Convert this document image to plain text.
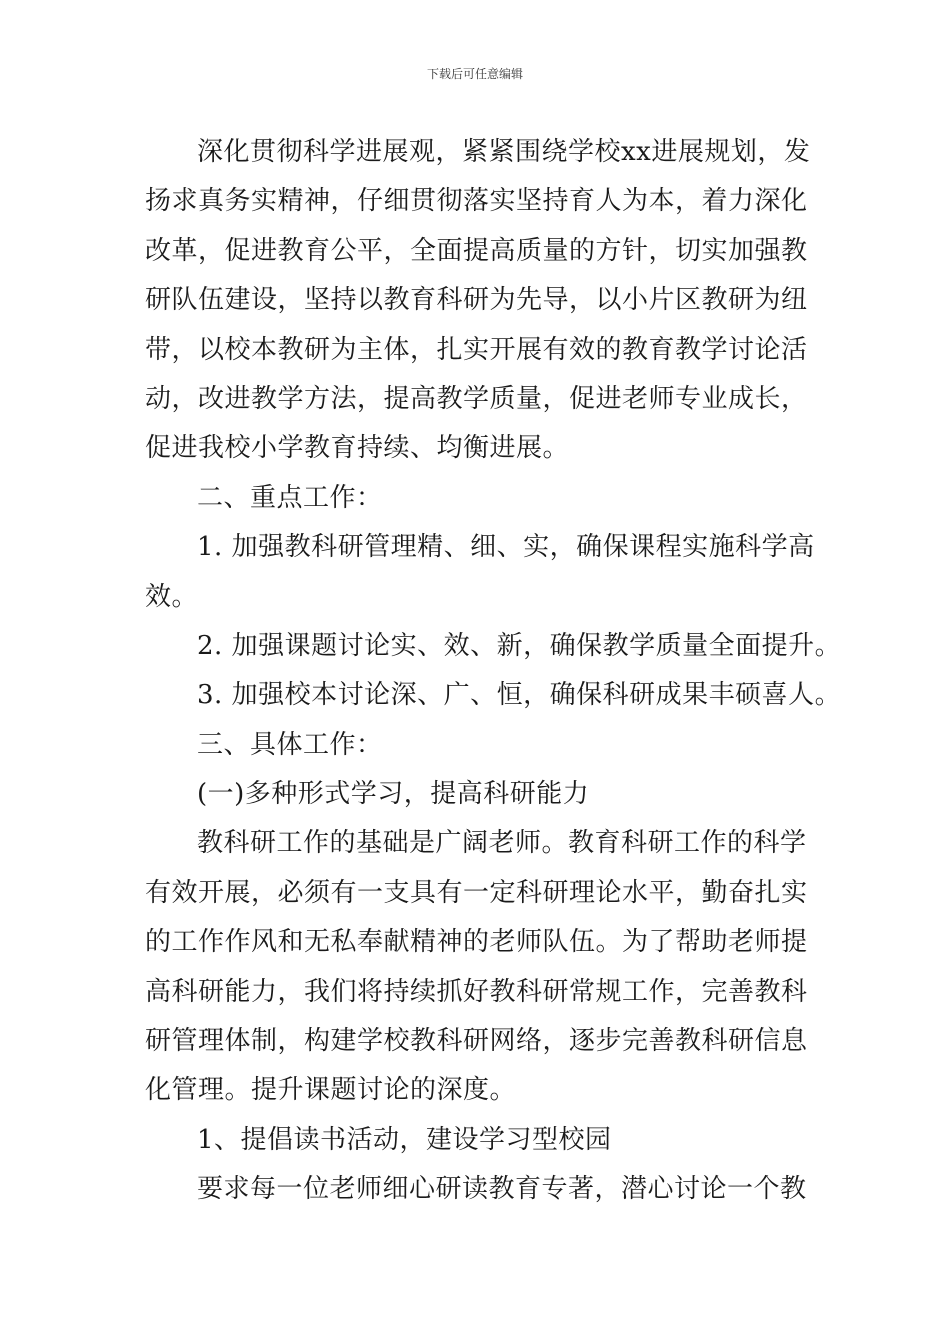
下载后可任意编辑
深化贯彻科学进展观，紧紧围绕学校xx进展规划，发
扬求真务实精神，仔细贯彻落实坚持育人为本，着力深化
改革，促进教育公平，全面提高质量的方针，切实加强教
研队伍建设，坚持以教育科研为先导，以小片区教研为纽
带，以校本教研为主体，扎实开展有效的教育教学讨论活
动，改进教学方法，提高教学质量，促进老师专业成长，
促进我校小学教育持续、均衡进展。
二、重点工作：
1. 加强教科研管理精、细、实，确保课程实施科学高
效。
2. 加强课题讨论实、效、新，确保教学质量全面提升。
3. 加强校本讨论深、广、恒，确保科研成果丰硕喜人。
三、具体工作：
(一)多种形式学习，提高科研能力
教科研工作的基础是广阔老师。教育科研工作的科学
有效开展，必须有一支具有一定科研理论水平，勤奋扎实
的工作作风和无私奉献精神的老师队伍。为了帮助老师提
高科研能力，我们将持续抓好教科研常规工作，完善教科
研管理体制，构建学校教科研网络，逐步完善教科研信息
化管理。提升课题讨论的深度。
1、提倡读书活动，建设学习型校园
要求每一位老师细心研读教育专著，潜心讨论一个教
